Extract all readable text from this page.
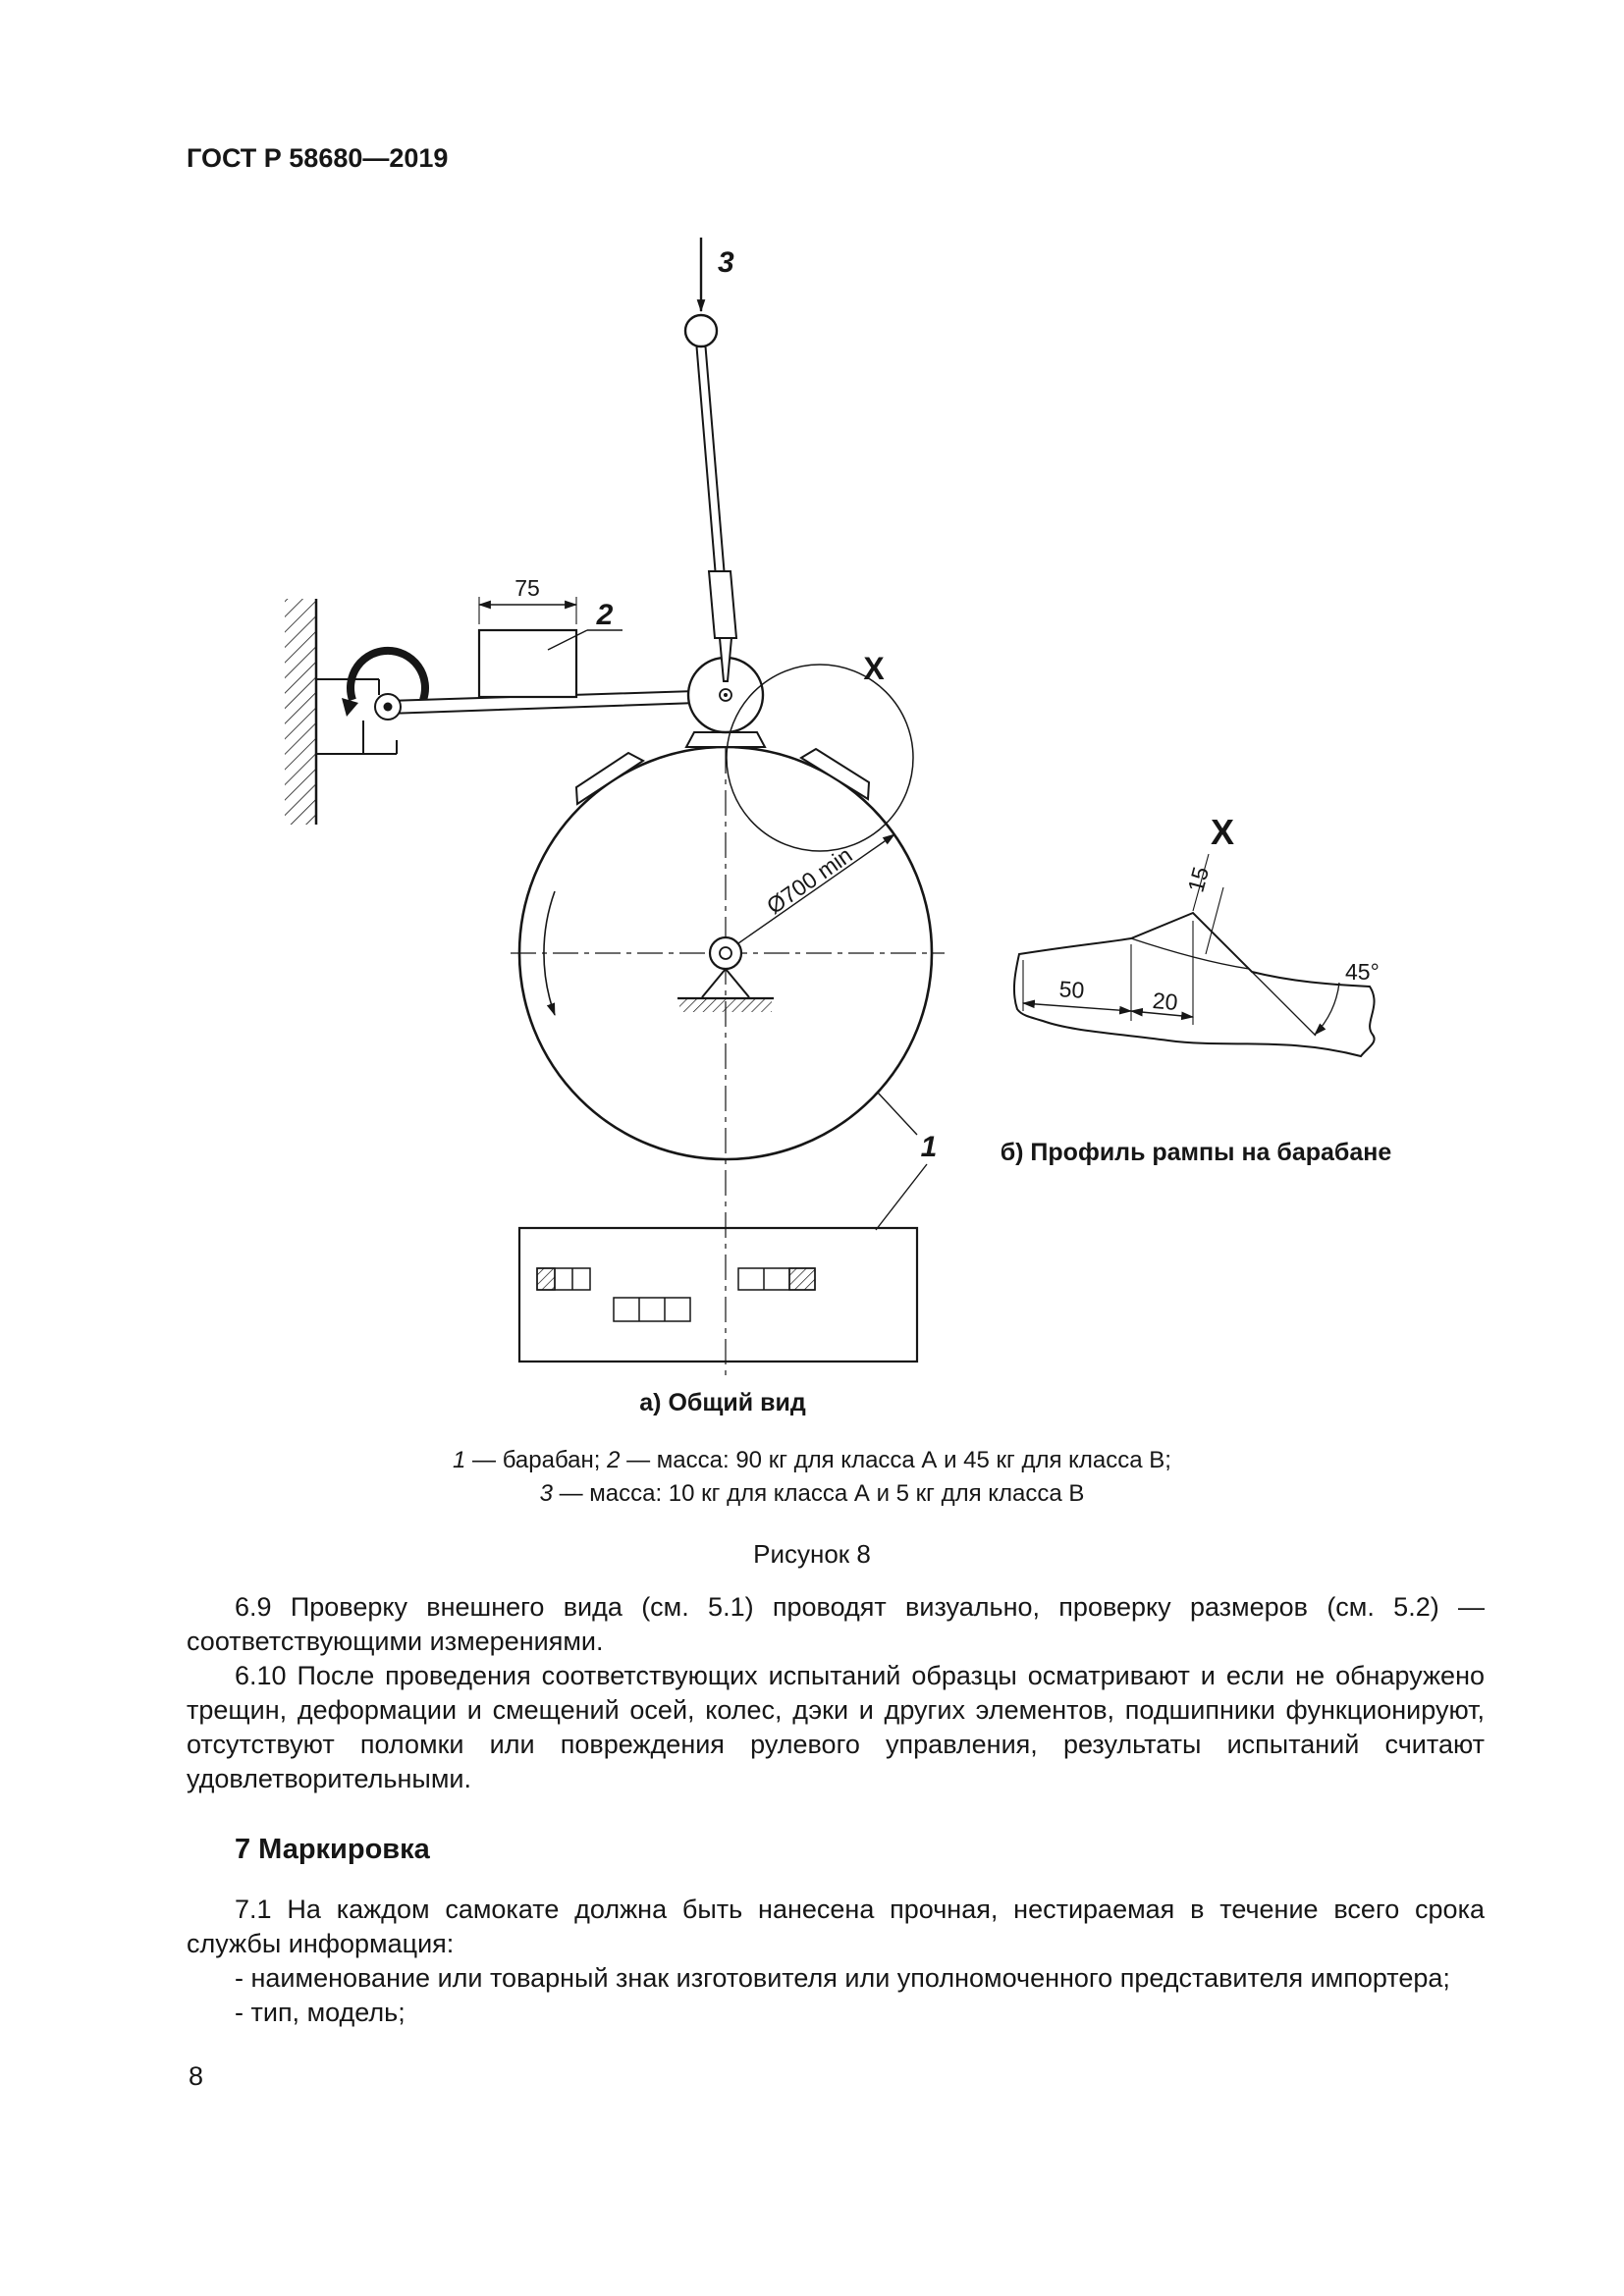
ГОСТ Р 58680—2019
Ø700 min
75
2
3
X
1
X
50	20
15
45°
б) Профиль рампы на барабане
а) Общий вид
1 — барабан; 2 — масса: 90 кг для класса А и 45 кг для класса В;
3 — масса: 10 кг для класса А и 5 кг для класса В
Рисунок 8

6.9 Проверку внешнего вида (см. 5.1) проводят визуально, проверку размеров (см. 5.2) — соответствующими измерениями.

6.10 После проведения соответствующих испытаний образцы осматривают и если не обнаружено трещин, деформации и смещений осей, колес, дэки и других элементов, подшипники функционируют, отсутствуют поломки или повреждения рулевого управления, результаты испытаний считают удовлетворительными.

7 Маркировка

7.1 На каждом самокате должна быть нанесена прочная, нестираемая в течение всего срока службы информация:

- наименование или товарный знак изготовителя или уполномоченного представителя импортера;

- тип, модель;

8
